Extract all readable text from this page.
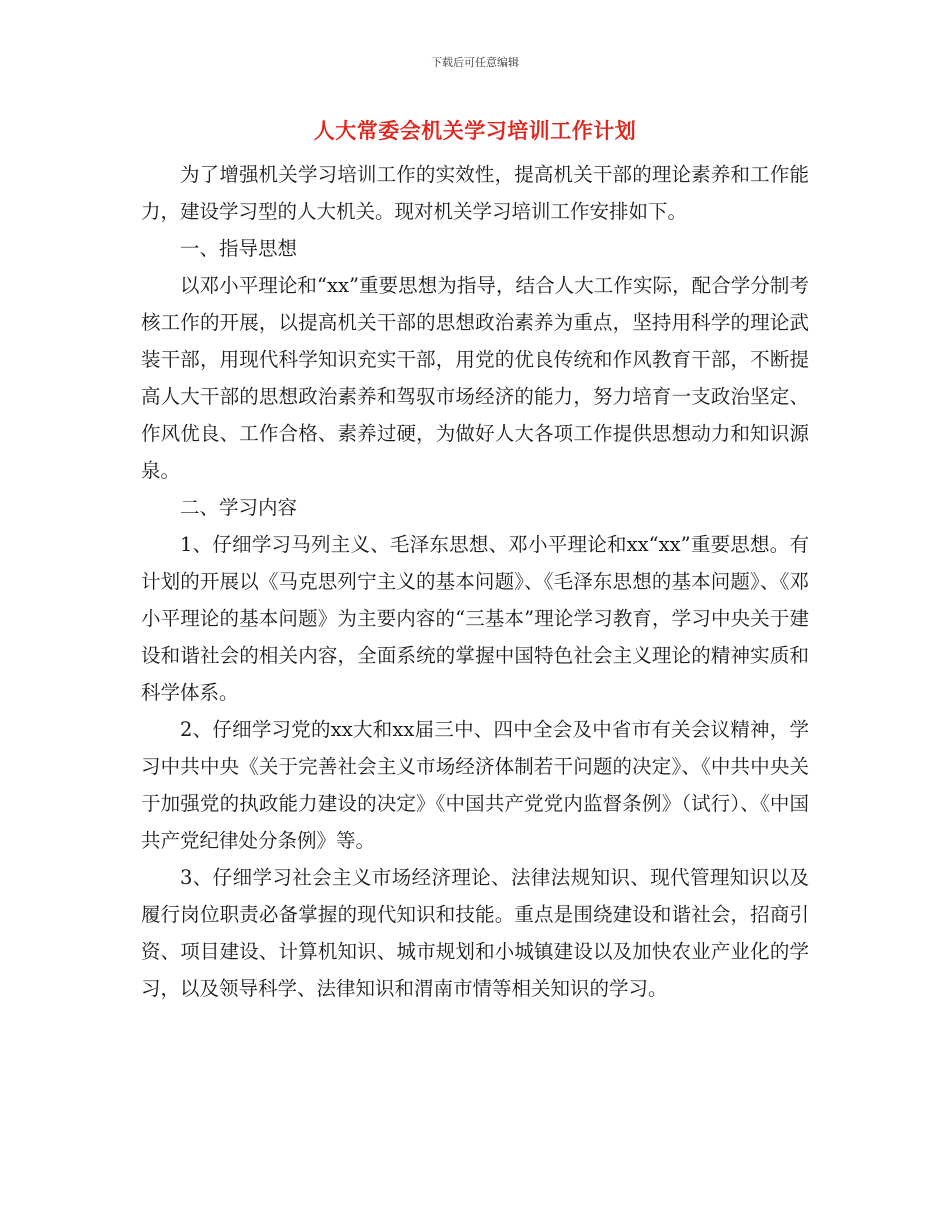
下载后可任意编辑
人大常委会机关学习培训工作计划

为了增强机关学习培训工作的实效性，提高机关干部的理论素养和工作能力，建设学习型的人大机关。现对机关学习培训工作安排如下。

一、指导思想

以邓小平理论和“xx”重要思想为指导，结合人大工作实际，配合学分制考核工作的开展，以提高机关干部的思想政治素养为重点，坚持用科学的理论武装干部，用现代科学知识充实干部，用党的优良传统和作风教育干部，不断提高人大干部的思想政治素养和驾驭市场经济的能力，努力培育一支政治坚定、作风优良、工作合格、素养过硬，为做好人大各项工作提供思想动力和知识源泉。

二、学习内容

1、仔细学习马列主义、毛泽东思想、邓小平理论和xx“xx”重要思想。有计划的开展以《马克思列宁主义的基本问题》、《毛泽东思想的基本问题》、《邓小平理论的基本问题》为主要内容的“三基本”理论学习教育，学习中央关于建设和谐社会的相关内容，全面系统的掌握中国特色社会主义理论的精神实质和科学体系。

2、仔细学习党的xx大和xx届三中、四中全会及中省市有关会议精神，学习中共中央《关于完善社会主义市场经济体制若干问题的决定》、《中共中央关于加强党的执政能力建设的决定》《中国共产党党内监督条例》（试行）、《中国共产党纪律处分条例》等。

3、仔细学习社会主义市场经济理论、法律法规知识、现代管理知识以及履行岗位职责必备掌握的现代知识和技能。重点是围绕建设和谐社会，招商引资、项目建设、计算机知识、城市规划和小城镇建设以及加快农业产业化的学习，以及领导科学、法律知识和渭南市情等相关知识的学习。
